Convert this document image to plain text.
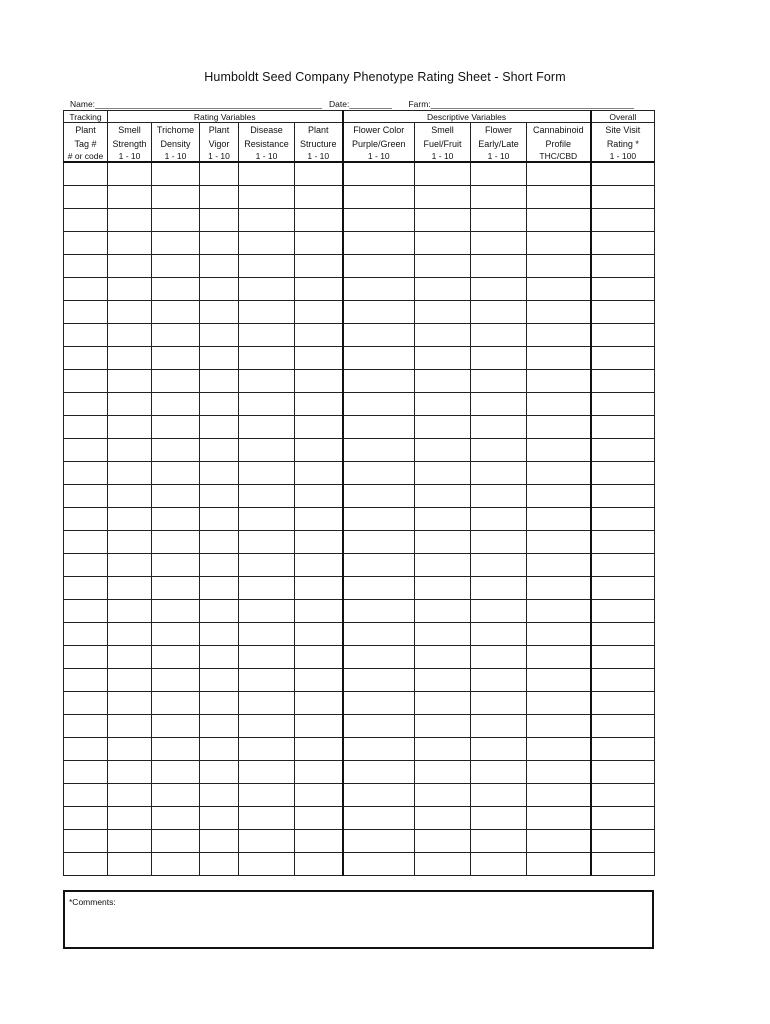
Humboldt Seed Company Phenotype Rating Sheet - Short Form
Name:________________________________________________ Date:_________ Farm:___________________________________________
Tracking	Rating Variables					Descriptive Variables				Overall
Plant	Smell	Trichome	Plant	Disease	Plant	Flower Color	Smell	Flower	Cannabinoid	Site Visit
Tag #	Strength	Density	Vigor	Resistance	Structure	Purple/Green	Fuel/Fruit	Early/Late	Profile	Rating *
# or code	1 - 10	1 - 10	1 - 10	1 - 10	1 - 10	1 - 10	1 - 10	1 - 10	THC/CBD	1 - 100

*Comments:
